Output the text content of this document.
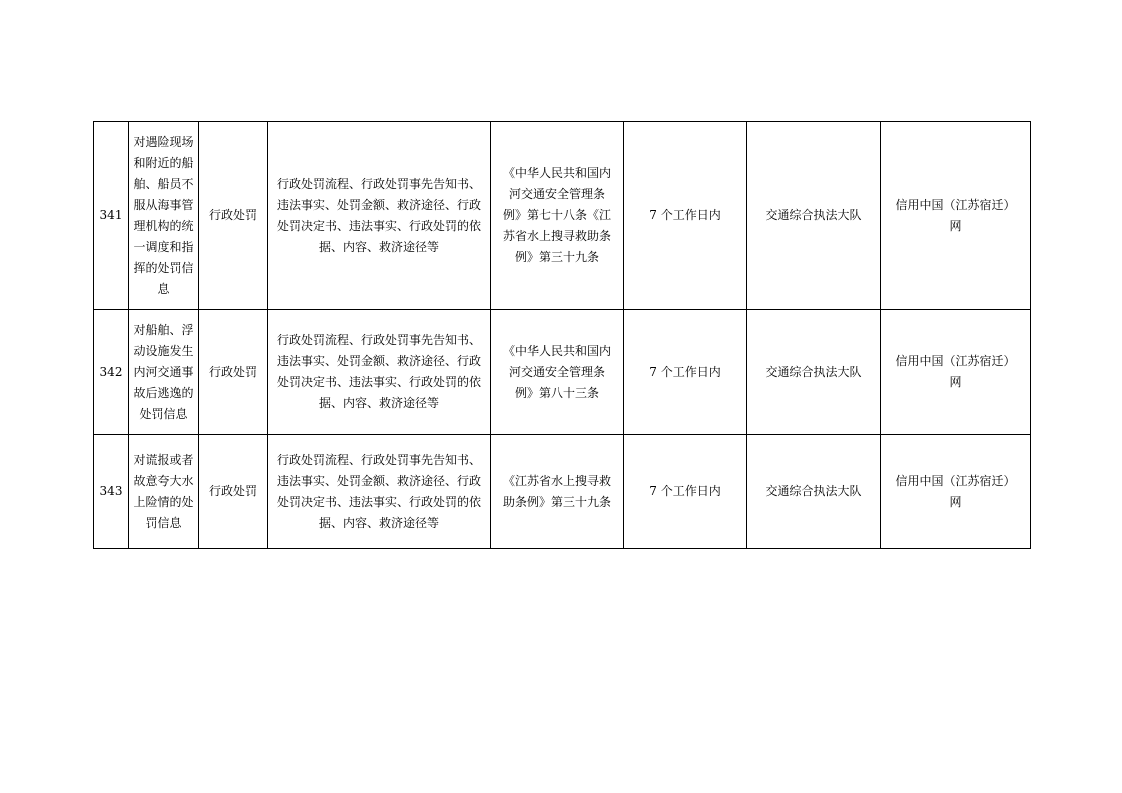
341	对遇险现场和附近的船舶、船员不服从海事管理机构的统一调度和指挥的处罚信息	行政处罚	行政处罚流程、行政处罚事先告知书、违法事实、处罚金额、救济途径、行政处罚决定书、违法事实、行政处罚的依据、内容、救济途径等	《中华人民共和国内河交通安全管理条例》第七十八条《江苏省水上搜寻救助条例》第三十九条	7 个工作日内	交通综合执法大队	信用中国（江苏宿迁）网
342	对船舶、浮动设施发生内河交通事故后逃逸的处罚信息	行政处罚	行政处罚流程、行政处罚事先告知书、违法事实、处罚金额、救济途径、行政处罚决定书、违法事实、行政处罚的依据、内容、救济途径等	《中华人民共和国内河交通安全管理条例》第八十三条	7 个工作日内	交通综合执法大队	信用中国（江苏宿迁）网
343	对谎报或者故意夸大水上险情的处罚信息	行政处罚	行政处罚流程、行政处罚事先告知书、违法事实、处罚金额、救济途径、行政处罚决定书、违法事实、行政处罚的依据、内容、救济途径等	《江苏省水上搜寻救助条例》第三十九条	7 个工作日内	交通综合执法大队	信用中国（江苏宿迁）网
